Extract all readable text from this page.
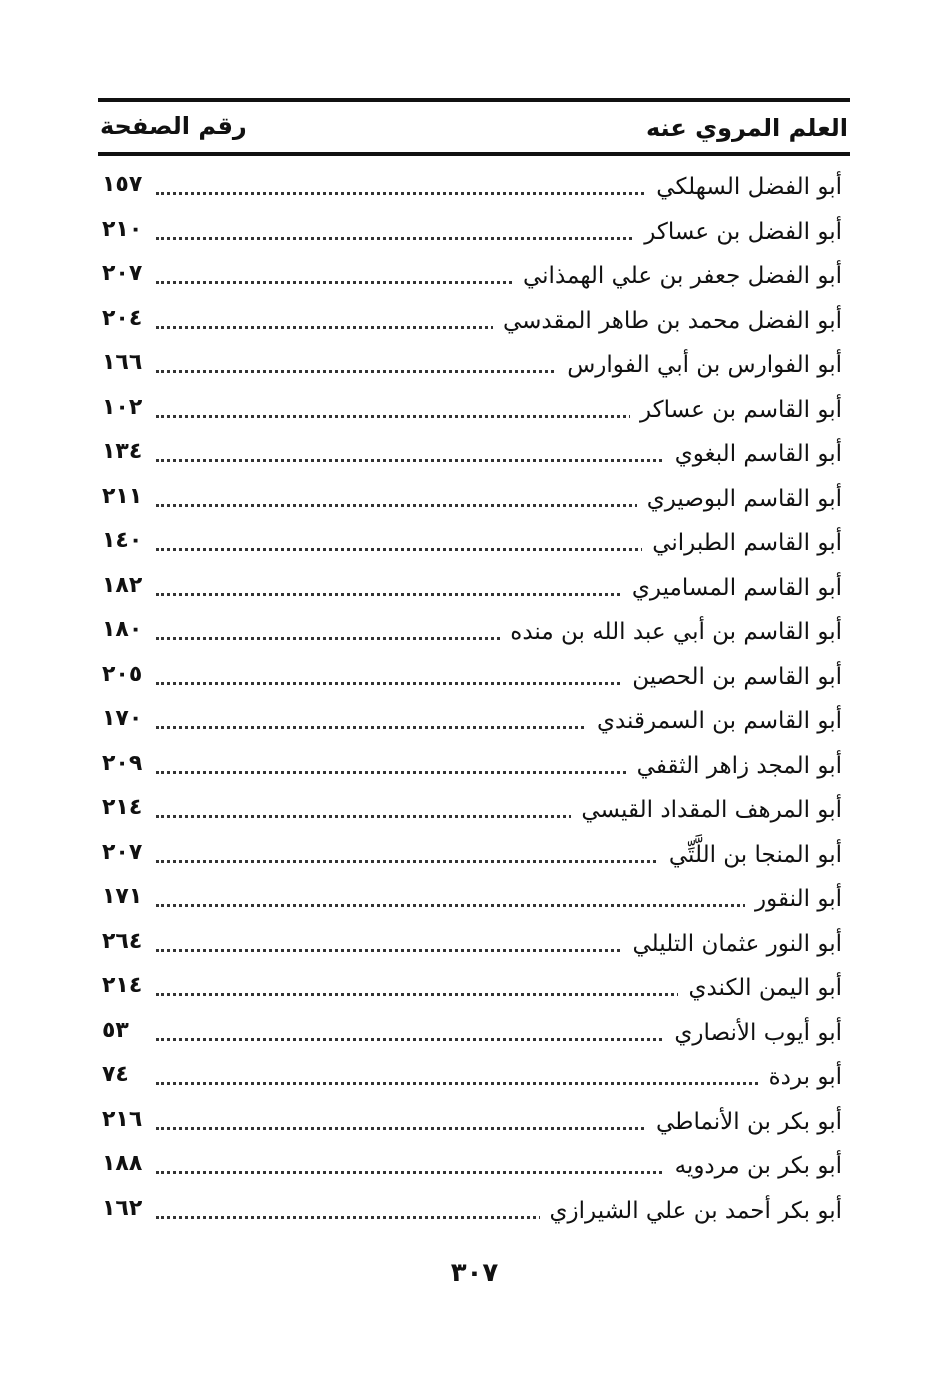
العلم المروي عنه
رقم الصفحة
أبو الفضل السهلكي
١٥٧
أبو الفضل بن عساكر
٢١٠
أبو الفضل جعفر بن علي الهمذاني
٢٠٧
أبو الفضل محمد بن طاهر المقدسي
٢٠٤
أبو الفوارس بن أبي الفوارس
١٦٦
أبو القاسم بن عساكر
١٠٢
أبو القاسم البغوي
١٣٤
أبو القاسم البوصيري
٢١١
أبو القاسم الطبراني
١٤٠
أبو القاسم المساميري
١٨٢
أبو القاسم بن أبي عبد الله بن منده
١٨٠
أبو القاسم بن الحصين
٢٠٥
أبو القاسم بن السمرقندي
١٧٠
أبو المجد زاهر الثقفي
٢٠٩
أبو المرهف المقداد القيسي
٢١٤
أبو المنجا بن اللَّتِّي
٢٠٧
أبو النقور
١٧١
أبو النور عثمان التليلي
٢٦٤
أبو اليمن الكندي
٢١٤
أبو أيوب الأنصاري
٥٣
أبو بردة
٧٤
أبو بكر بن الأنماطي
٢١٦
أبو بكر بن مردويه
١٨٨
أبو بكر أحمد بن علي الشيرازي
١٦٢
٣٠٧
